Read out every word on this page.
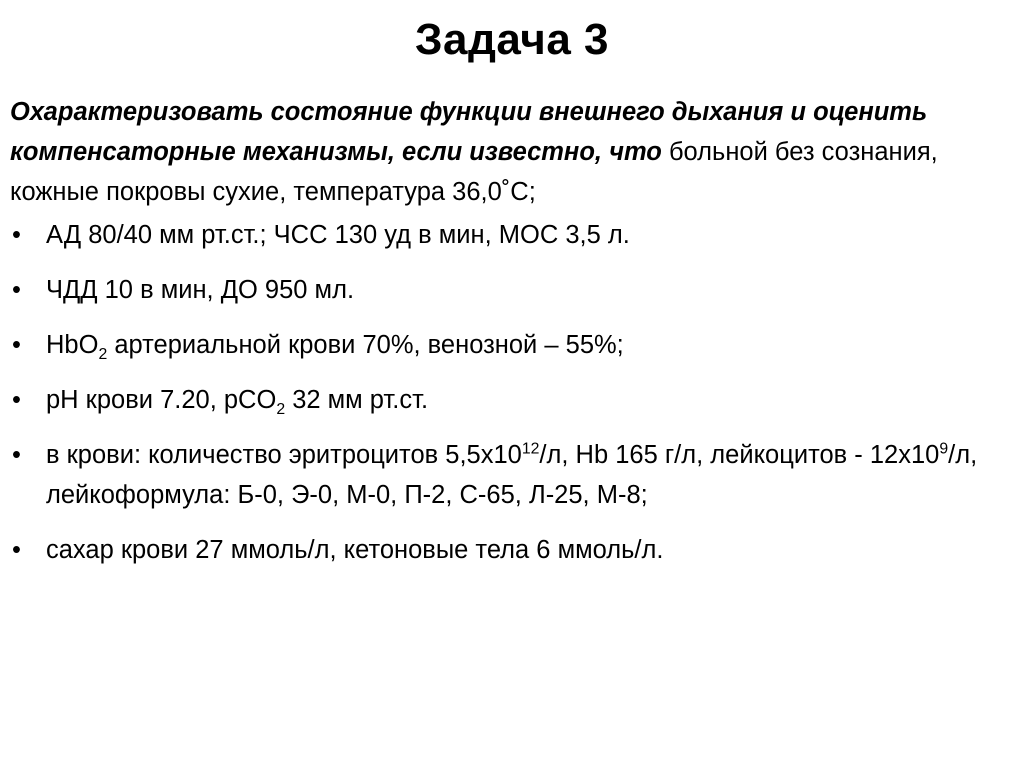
Задача 3

Охарактеризовать состояние функции внешнего дыхания и оценить компенсаторные механизмы, если известно, что больной без сознания, кожные покровы сухие, температура 36,0˚С;

• АД 80/40 мм рт.ст.; ЧСС 130 уд в мин, МОС 3,5 л.
• ЧДД 10 в мин, ДО 950 мл.
• HbO$_2$ артериальной крови 70%, венозной – 55%;
• pH крови 7.20, pCO$_2$ 32 мм рт.ст.
• в крови: количество эритроцитов $5,5х10^{12}/л$, Hb 165 г/л, лейкоцитов - $12х10^9/л$, лейкоформула: Б-0, Э-0, М-0, П-2, С-65, Л-25, М-8;
• сахар крови 27 ммоль/л, кетоновые тела 6 ммоль/л.
